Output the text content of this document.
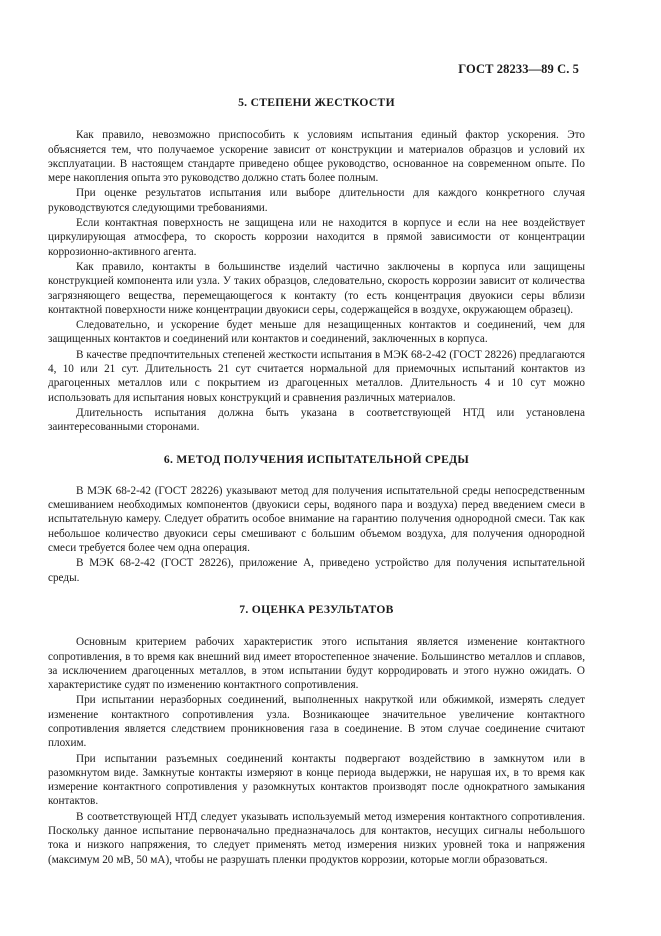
ГОСТ 28233—89 С. 5
5. СТЕПЕНИ ЖЕСТКОСТИ

Как правило, невозможно приспособить к условиям испытания единый фактор ускорения. Это объясняется тем, что получаемое ускорение зависит от конструкции и материалов образцов и условий их эксплуатации. В настоящем стандарте приведено общее руководство, основанное на современном опыте. По мере накопления опыта это руководство должно стать более полным.

При оценке результатов испытания или выборе длительности для каждого конкретного случая руководствуются следующими требованиями.

Если контактная поверхность не защищена или не находится в корпусе и если на нее воздействует циркулирующая атмосфера, то скорость коррозии находится в прямой зависимости от концентрации коррозионно-активного агента.

Как правило, контакты в большинстве изделий частично заключены в корпуса или защищены конструкцией компонента или узла. У таких образцов, следовательно, скорость коррозии зависит от количества загрязняющего вещества, перемещающегося к контакту (то есть концентрация двуокиси серы вблизи контактной поверхности ниже концентрации двуокиси серы, содержащейся в воздухе, окружающем образец).

Следовательно, и ускорение будет меньше для незащищенных контактов и соединений, чем для защищенных контактов и соединений или контактов и соединений, заключенных в корпуса.

В качестве предпочтительных степеней жесткости испытания в МЭК 68-2-42 (ГОСТ 28226) предлагаются 4, 10 или 21 сут. Длительность 21 сут считается нормальной для приемочных испытаний контактов из драгоценных металлов или с покрытием из драгоценных металлов. Длительность 4 и 10 сут можно использовать для испытания новых конструкций и сравнения различных материалов.

Длительность испытания должна быть указана в соответствующей НТД или установлена заинтересованными сторонами.

6. МЕТОД ПОЛУЧЕНИЯ ИСПЫТАТЕЛЬНОЙ СРЕДЫ

В МЭК 68-2-42 (ГОСТ 28226) указывают метод для получения испытательной среды непосредственным смешиванием необходимых компонентов (двуокиси серы, водяного пара и воздуха) перед введением смеси в испытательную камеру. Следует обратить особое внимание на гарантию получения однородной смеси. Так как небольшое количество двуокиси серы смешивают с большим объемом воздуха, для получения однородной смеси требуется более чем одна операция.

В МЭК 68-2-42 (ГОСТ 28226), приложение А, приведено устройство для получения испытательной среды.

7. ОЦЕНКА РЕЗУЛЬТАТОВ

Основным критерием рабочих характеристик этого испытания является изменение контактного сопротивления, в то время как внешний вид имеет второстепенное значение. Большинство металлов и сплавов, за исключением драгоценных металлов, в этом испытании будут корродировать и этого нужно ожидать. О характеристике судят по изменению контактного сопротивления.

При испытании неразборных соединений, выполненных накруткой или обжимкой, измерять следует изменение контактного сопротивления узла. Возникающее значительное увеличение контактного сопротивления является следствием проникновения газа в соединение. В этом случае соединение считают плохим.

При испытании разъемных соединений контакты подвергают воздействию в замкнутом или в разомкнутом виде. Замкнутые контакты измеряют в конце периода выдержки, не нарушая их, в то время как измерение контактного сопротивления у разомкнутых контактов производят после однократного замыкания контактов.

В соответствующей НТД следует указывать используемый метод измерения контактного сопротивления. Поскольку данное испытание первоначально предназначалось для контактов, несущих сигналы небольшого тока и низкого напряжения, то следует применять метод измерения низких уровней тока и напряжения (максимум 20 мВ, 50 мА), чтобы не разрушать пленки продуктов коррозии, которые могли образоваться.
